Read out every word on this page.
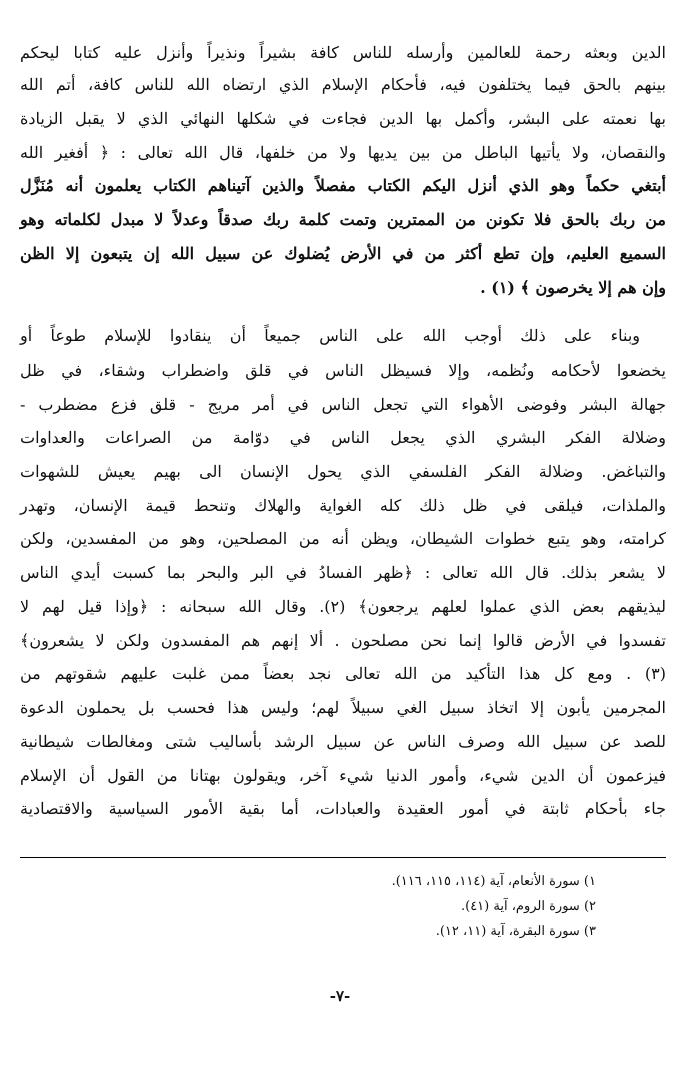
الدين وبعثه رحمة للعالمين وأرسله للناس كافة بشيراً ونذيراً وأنزل عليه كتابا ليحكم
بينهم بالحق فيما يختلفون فيه، فأحكام الإسلام الذي ارتضاه الله للناس كافة، أتم الله
بها نعمته على البشر، وأكمل بها الدين فجاءت في شكلها النهائي الذي لا يقبل الزيادة
والنقصان، ولا يأتيها الباطل من بين يديها ولا من خلفها، قال الله تعالى : ﴿ أفغير الله
أبتغي حكماً وهو الذي أنزل اليكم الكتاب مفصلاً والذين آتيناهم الكتاب يعلمون أنه مُنَزَّل
من ربك بالحق فلا تكونن من الممترين وتمت كلمة ربك صدقاً وعدلاً لا مبدل لكلماته وهو
السميع العليم، وإن تطع أكثر من في الأرض يُضلوك عن سبيل الله إن يتبعون إلا الظن
وإن هم إلا يخرصون ﴾ (١) .
وبناء على ذلك أوجب الله على الناس جميعاً أن ينقادوا للإسلام طوعاً أو
يخضعوا لأحكامه ونُظمه، وإلا فسيظل الناس في قلق واضطراب وشقاء، في ظل
جهالة البشر وفوضى الأهواء التي تجعل الناس في أمر مريج - قلق فزع مضطرب -
وضلالة الفكر البشري الذي يجعل الناس في دوّامة من الصراعات والعداوات
والتباغض. وضلالة الفكر الفلسفي الذي يحول الإنسان الى بهيم يعيش للشهوات
والملذات، فيلقى في ظل ذلك كله الغواية والهلاك وتنحط قيمة الإنسان، وتهدر
كرامته، وهو يتبع خطوات الشيطان، ويظن أنه من المصلحين، وهو من المفسدين، ولكن
لا يشعر بذلك. قال الله تعالى : ﴿ظهر الفسادُ في البر والبحر بما كسبت أيدي الناس
ليذيقهم بعض الذي عملوا لعلهم يرجعون﴾ (٢). وقال الله سبحانه : ﴿وإذا قيل لهم لا
تفسدوا في الأرض قالوا إنما نحن مصلحون . ألا إنهم هم المفسدون ولكن لا يشعرون﴾
(٣) . ومع كل هذا التأكيد من الله تعالى نجد بعضاً ممن غلبت عليهم شقوتهم من
المجرمين يأبون إلا اتخاذ سبيل الغي سبيلاً لهم؛ وليس هذا فحسب بل يحملون الدعوة
للصد عن سبيل الله وصرف الناس عن سبيل الرشد بأساليب شتى ومغالطات شيطانية
فيزعمون أن الدين شيء، وأمور الدنيا شيء آخر، ويقولون بهتانا من القول أن الإسلام
جاء بأحكام ثابتة في أمور العقيدة والعبادات، أما بقية الأمور السياسية والاقتصادية
١) سورة الأنعام، آية (١١٤، ١١٥، ١١٦).
٢) سورة الروم، آية (٤١).
٣) سورة البقرة، آية (١١، ١٢).
-٧-
